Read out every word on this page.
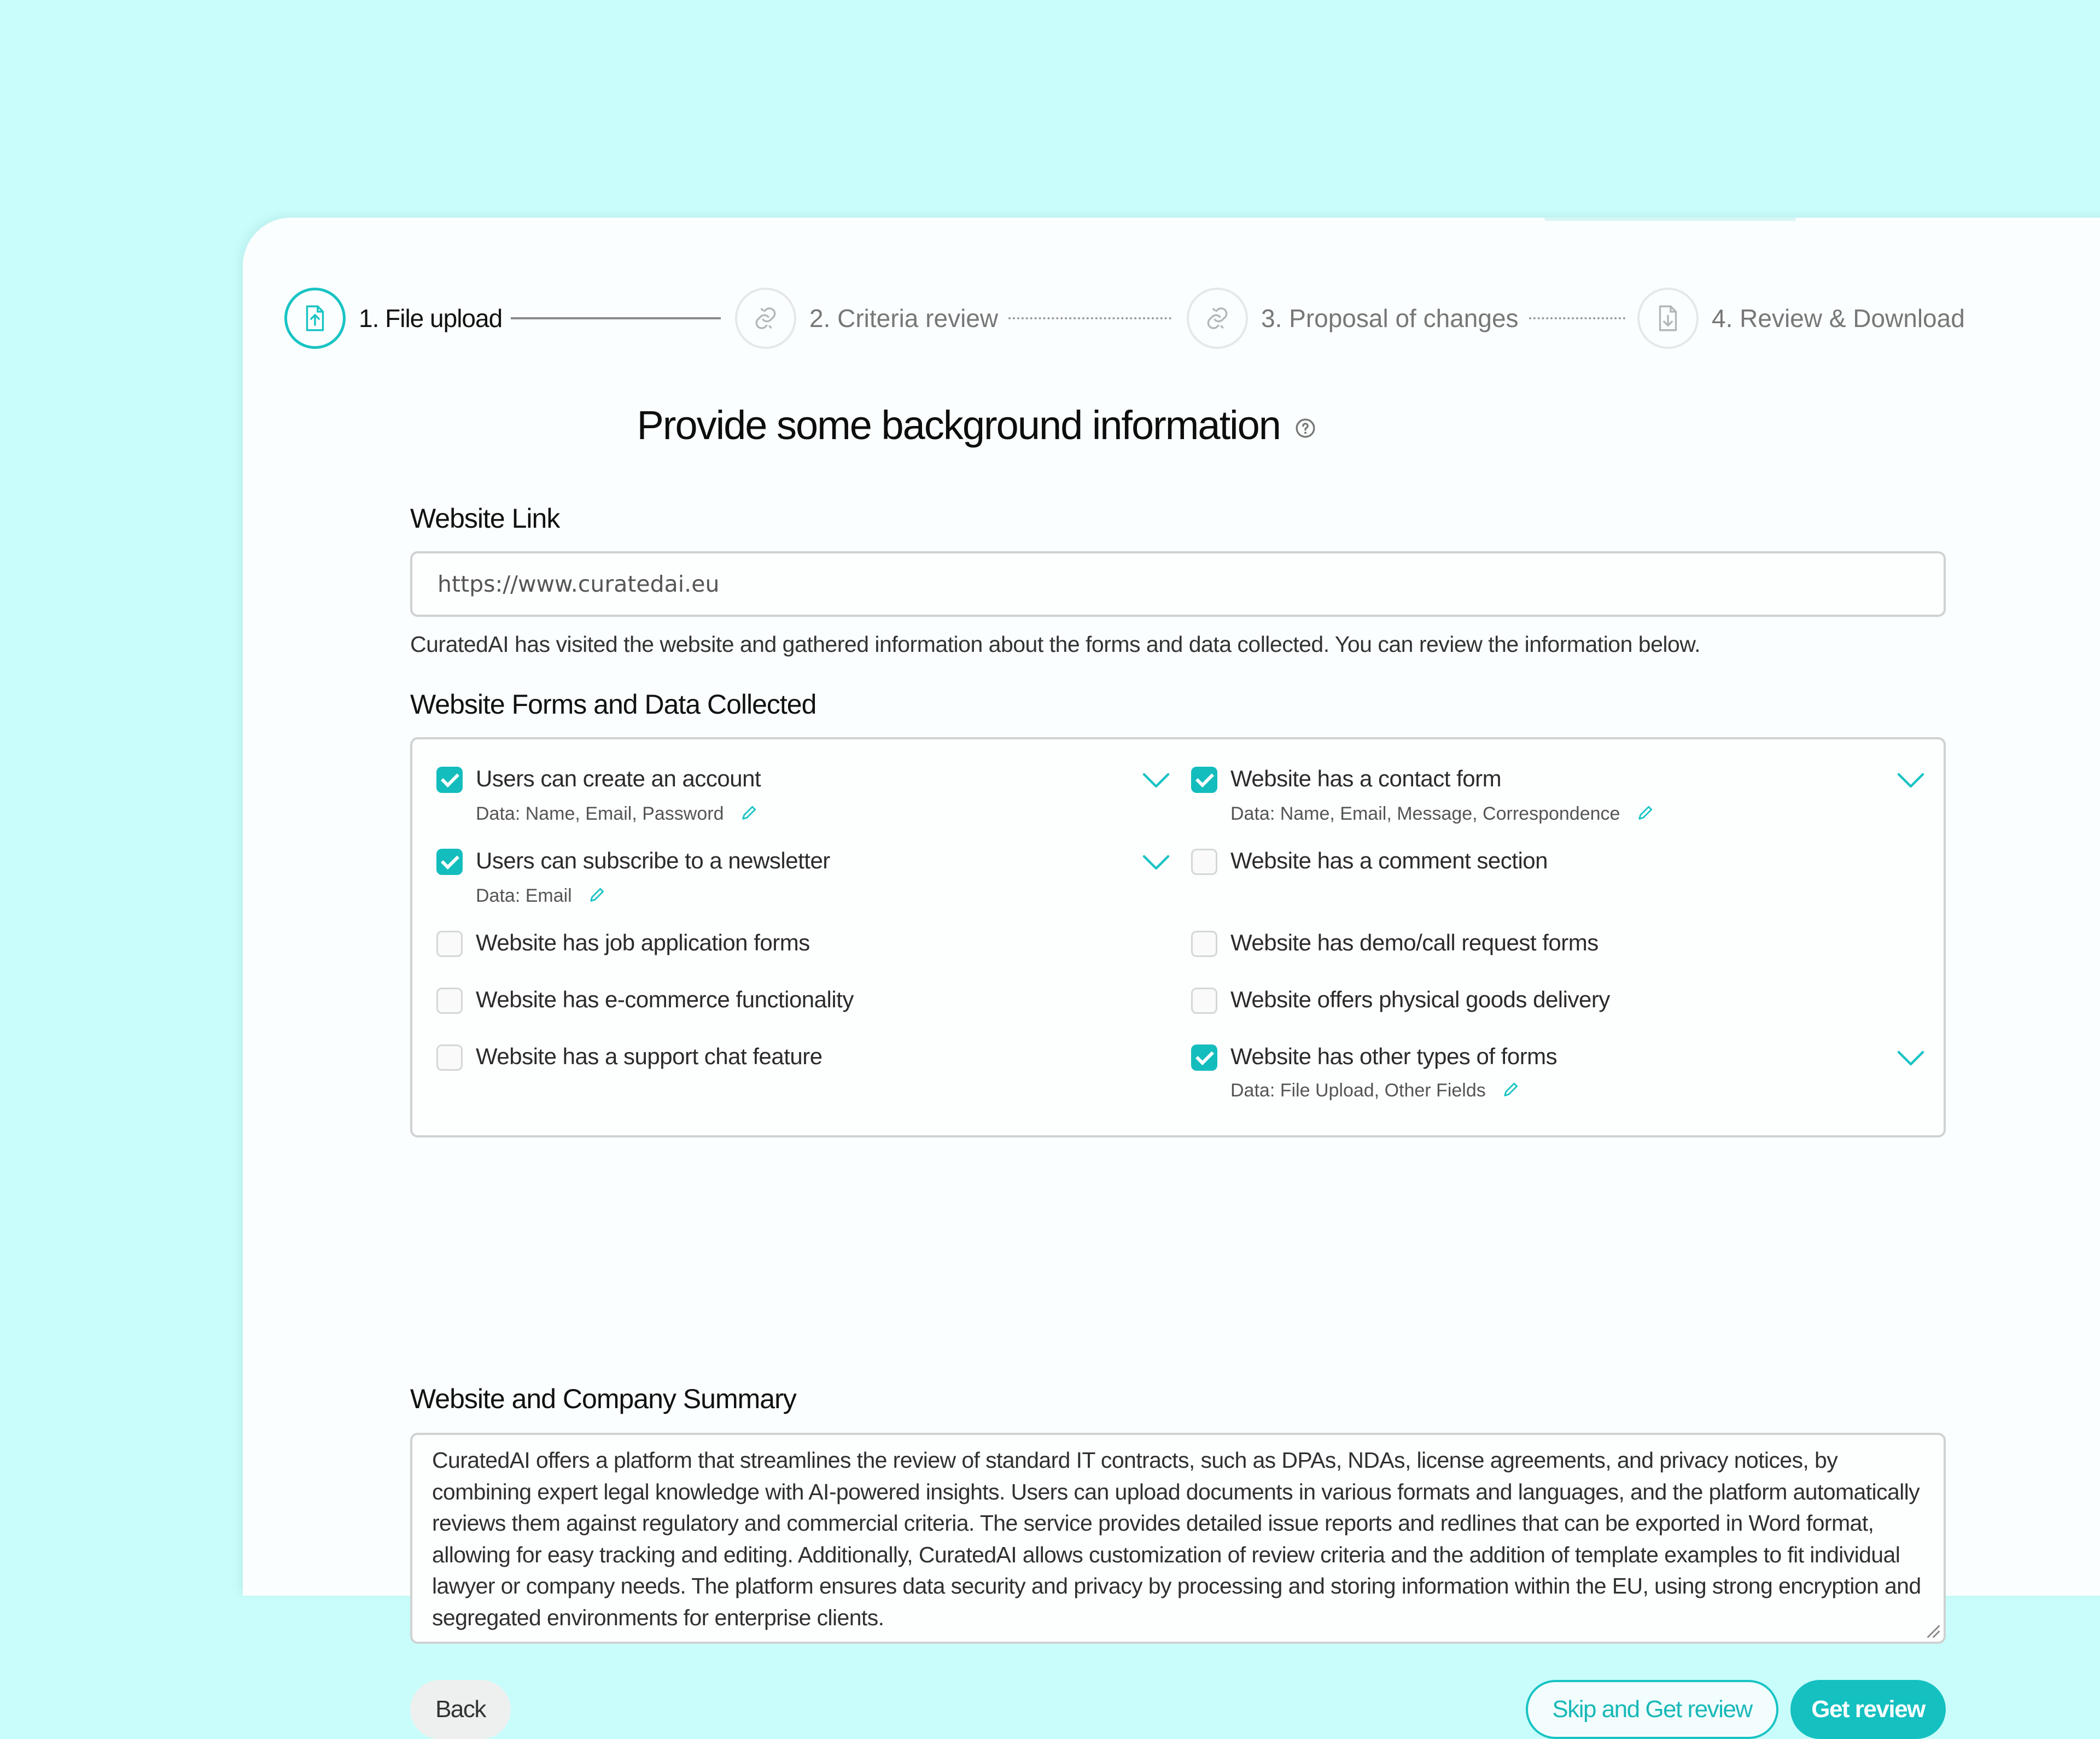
1. File upload	2. Criteria review	3. Proposal of changes	4. Review & Download
Provide some background information
Website Link
https://www.curatedai.eu
CuratedAI has visited the website and gathered information about the forms and data collected. You can review the information below.
Website Forms and Data Collected
Users can create an account
Data: Name, Email, Password
Website has a contact form
Data: Name, Email, Message, Correspondence
Users can subscribe to a newsletter
Data: Email
Website has a comment section
Website has job application forms	Website has demo/call request forms
Website has e-commerce functionality	Website offers physical goods delivery
Website has a support chat feature	Website has other types of forms
Data: File Upload, Other Fields
Website and Company Summary
CuratedAI offers a platform that streamlines the review of standard IT contracts, such as DPAs, NDAs, license agreements, and privacy notices, by combining expert legal knowledge with AI-powered insights. Users can upload documents in various formats and languages, and the platform automatically reviews them against regulatory and commercial criteria. The service provides detailed issue reports and redlines that can be exported in Word format, allowing for easy tracking and editing. Additionally, CuratedAI allows customization of review criteria and the addition of template examples to fit individual lawyer or company needs. The platform ensures data security and privacy by processing and storing information within the EU, using strong encryption and segregated environments for enterprise clients.
Back	Skip and Get review	Get review
